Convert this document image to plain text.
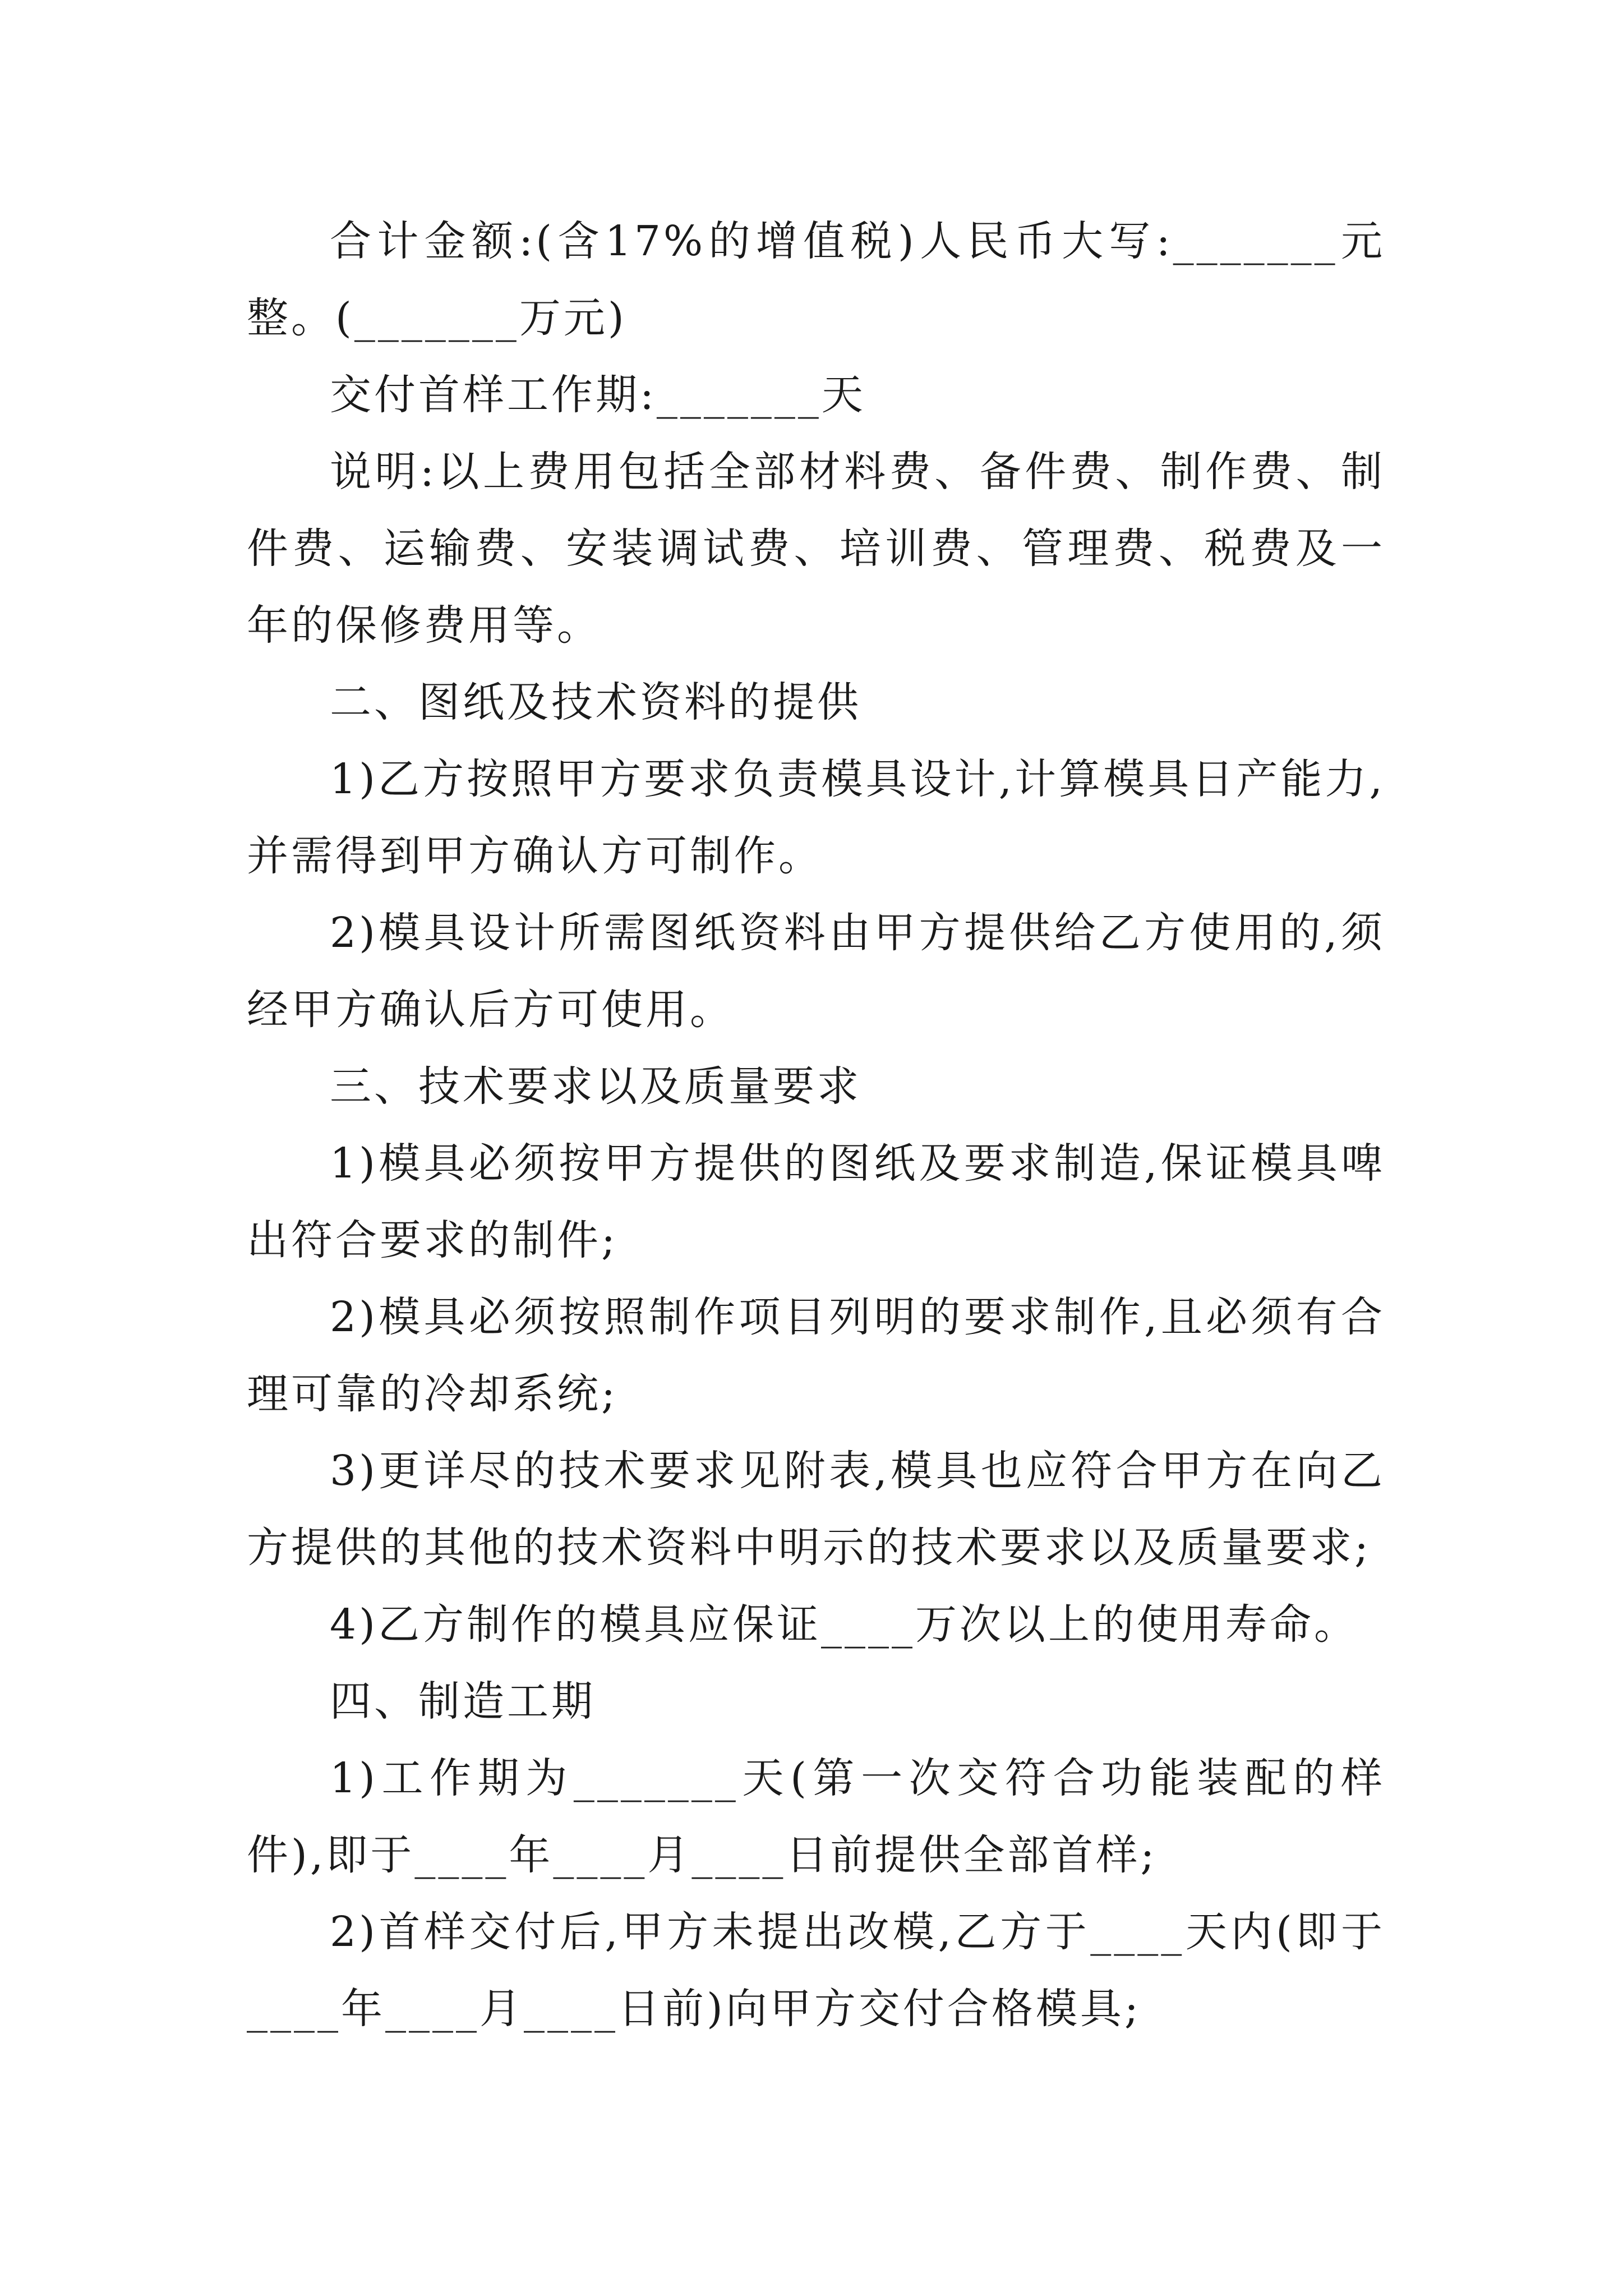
合计金额:(含17%的增值税)人民币大写:_______元整。(_______万元)

交付首样工作期:_______天

说明:以上费用包括全部材料费、备件费、制作费、制件费、运输费、安装调试费、培训费、管理费、税费及一年的保修费用等。

二、图纸及技术资料的提供

1)乙方按照甲方要求负责模具设计,计算模具日产能力,并需得到甲方确认方可制作。

2)模具设计所需图纸资料由甲方提供给乙方使用的,须经甲方确认后方可使用。

三、技术要求以及质量要求

1)模具必须按甲方提供的图纸及要求制造,保证模具啤出符合要求的制件;

2)模具必须按照制作项目列明的要求制作,且必须有合理可靠的冷却系统;

3)更详尽的技术要求见附表,模具也应符合甲方在向乙方提供的其他的技术资料中明示的技术要求以及质量要求;

4)乙方制作的模具应保证____万次以上的使用寿命。

四、制造工期

1)工作期为_______天(第一次交符合功能装配的样件),即于____年____月____日前提供全部首样;

2)首样交付后,甲方未提出改模,乙方于____天内(即于____年____月____日前)向甲方交付合格模具;
